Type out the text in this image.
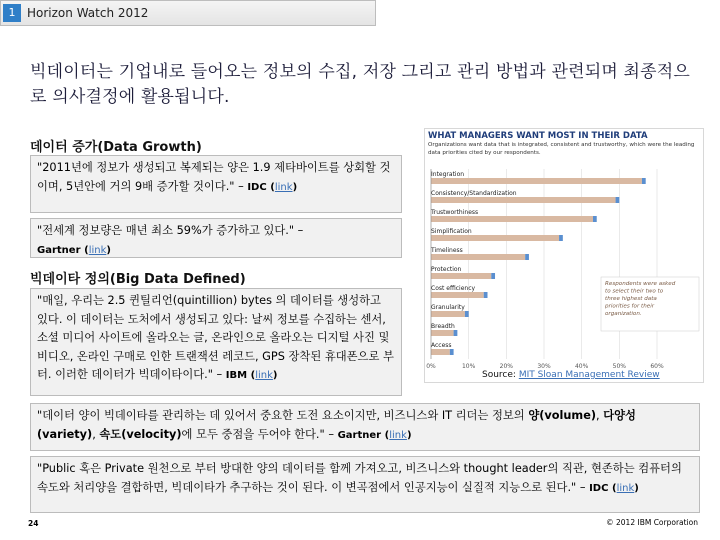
1 Horizon Watch 2012
빅데이터는 기업내로 들어오는 정보의 수집, 저장 그리고 관리 방법과 관련되며 최종적으로 의사결정에 활용됩니다.
데이터 증가(Data Growth)
"2011년에 정보가 생성되고 복제되는 양은 1.9 제타바이트를 상회할 것이며, 5년안에 거의 9배 증가할 것이다." – IDC (link)
"전세계 정보량은 매년 최소 59%가 증가하고 있다." –
Gartner (link)
빅데이타 정의(Big Data Defined)
"매일, 우리는 2.5 퀸틸리언(quintillion) bytes 의 데이터를 생성하고 있다. 이 데이터는 도처에서 생성되고 있다: 날씨 정보를 수집하는 센서, 소셜 미디어 사이트에 올라오는 글, 온라인으로 올라오는 디지털 사진 및 비디오, 온라인 구매로 인한 트랜잭션 레코드, GPS 장착된 휴대폰으로 부터. 이러한 데이터가 빅데이타이다." – IBM (link)
WHAT MANAGERS WANT MOST IN THEIR DATA
Organizations want data that is integrated, consistent and trustworthy, which were the leading data priorities cited by our respondents.
0%	10%	20%	30%	40%	50%	60%
Integration
Consistency/Standardization
Trustworthiness
Simplification
Timeliness
Protection
Cost efficiency
Granularity
Breadth
Access
Respondents were asked to select their two to three highest data priorities for their organization.
Source: MIT Sloan Management Review
"데이터 양이 빅데이타를 관리하는 데 있어서 중요한 도전 요소이지만, 비즈니스와 IT 리더는 정보의 양(volume), 다양성(variety), 속도(velocity)에 모두 중점을 두어야 한다." – Gartner (link)
"Public 혹은 Private 원천으로 부터 방대한 양의 데이터를 함께 가져오고, 비즈니스와 thought leader의 직관, 현존하는 컴퓨터의 속도와 처리양을 결합하면, 빅데이타가 추구하는 것이 된다. 이 변곡점에서 인공지능이 실질적 지능으로 된다." – IDC (link)
24	© 2012 IBM Corporation
